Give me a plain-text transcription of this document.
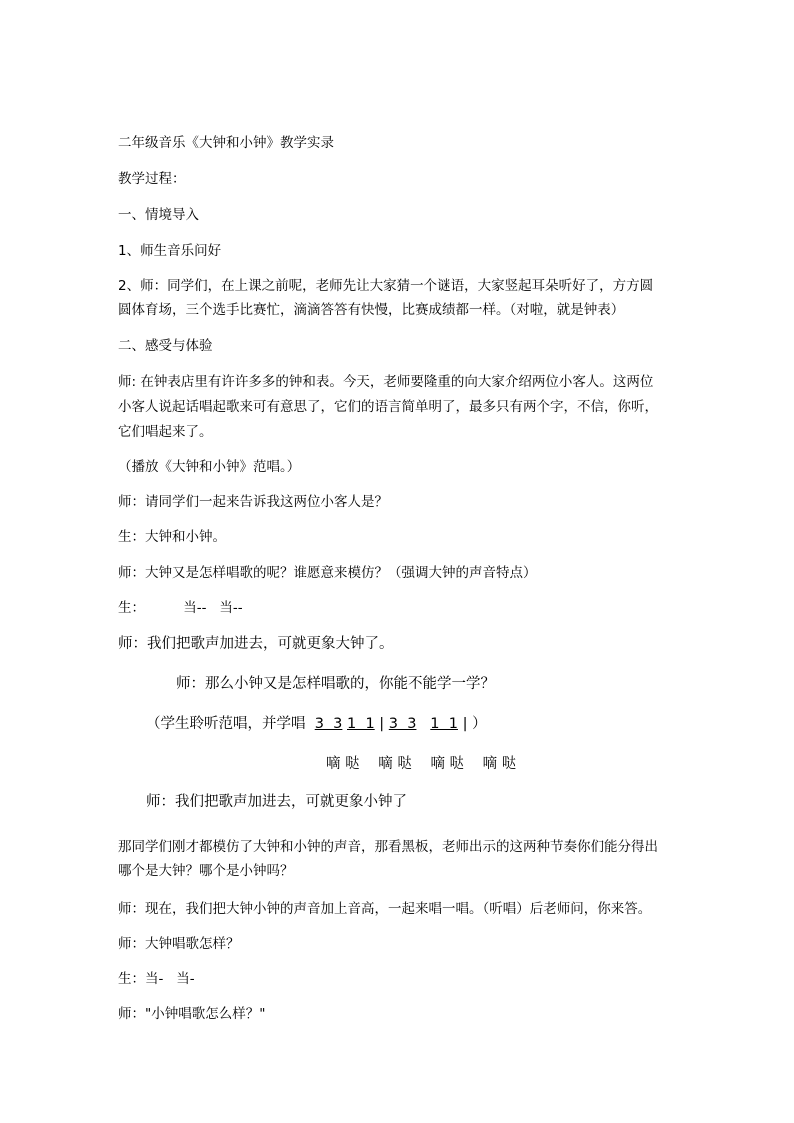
二年级音乐《大钟和小钟》教学实录

教学过程：

一、情境导入

1、师生音乐问好

2、师：同学们，在上课之前呢，老师先让大家猜一个谜语，大家竖起耳朵听好了，方方圆

圆体育场，三个选手比赛忙，滴滴答答有快慢，比赛成绩都一样。（对啦，就是钟表）

二、感受与体验

师: 在钟表店里有许许多多的钟和表。今天，老师要隆重的向大家介绍两位小客人。这两位

小客人说起话唱起歌来可有意思了，它们的语言简单明了，最多只有两个字，不信，你听，

它们唱起来了。

（播放《大钟和小钟》范唱。）

师：请同学们一起来告诉我这两位小客人是？

生：大钟和小钟。

师：大钟又是怎样唱歌的呢？谁愿意来模仿？（强调大钟的声音特点）

生：	当--   当--

师：我们把歌声加进去，可就更象大钟了。

师：那么小钟又是怎样唱歌的，你能不能学一学？

（学生聆听范唱，并学唱 3  3 1  1 | 3  3 1  1 | ）

嘀 哒 嘀 哒 嘀 哒 嘀 哒

师：我们把歌声加进去，可就更象小钟了

那同学们刚才都模仿了大钟和小钟的声音，那看黑板，老师出示的这两种节奏你们能分得出

哪个是大钟？哪个是小钟吗？

师：现在，我们把大钟小钟的声音加上音高，一起来唱一唱。（听唱）后老师问，你来答。

师：大钟唱歌怎样？

生：当-   当-

师："小钟唱歌怎么样？"
